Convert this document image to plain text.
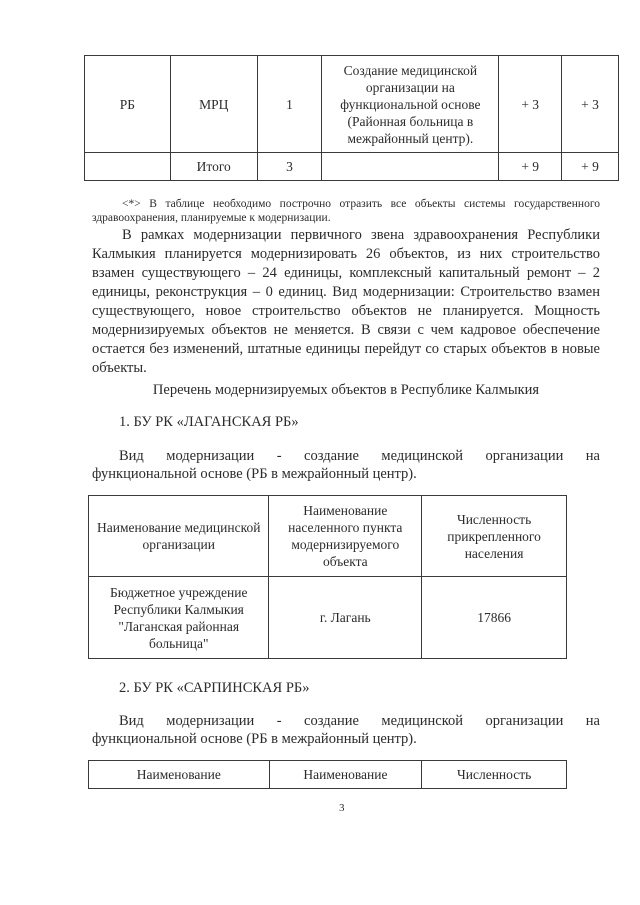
РБ	МРЦ	1	Создание медицинской организации на функциональной основе (Районная больница в межрайонный центр).	+ 3	+ 3
	Итого	3		+ 9	+ 9
<*> В таблице необходимо построчно отразить все объекты системы государственного здравоохранения, планируемые к модернизации.
В рамках модернизации первичного звена здравоохранения Республики Калмыкия планируется модернизировать 26 объектов, из них строительство взамен существующего – 24 единицы, комплексный капитальный ремонт – 2 единицы, реконструкция – 0 единиц. Вид модернизации: Строительство взамен существующего, новое строительство объектов не планируется. Мощность модернизируемых объектов не меняется. В связи с чем кадровое обеспечение остается без изменений, штатные единицы перейдут со старых объектов в новые объекты.
Перечень модернизируемых объектов в Республике Калмыкия
1. БУ РК «ЛАГАНСКАЯ РБ»
Вид модернизации - создание медицинской организации на
функциональной основе (РБ в межрайонный центр).
Наименование медицинской организации	Наименование населенного пункта модернизируемого объекта	Численность прикрепленного населения
Бюджетное учреждение Республики Калмыкия "Лаганская районная больница"	г. Лагань	17866
2. БУ РК «САРПИНСКАЯ РБ»
Вид модернизации - создание медицинской организации на
функциональной основе (РБ в межрайонный центр).
Наименование	Наименование	Численность
3
